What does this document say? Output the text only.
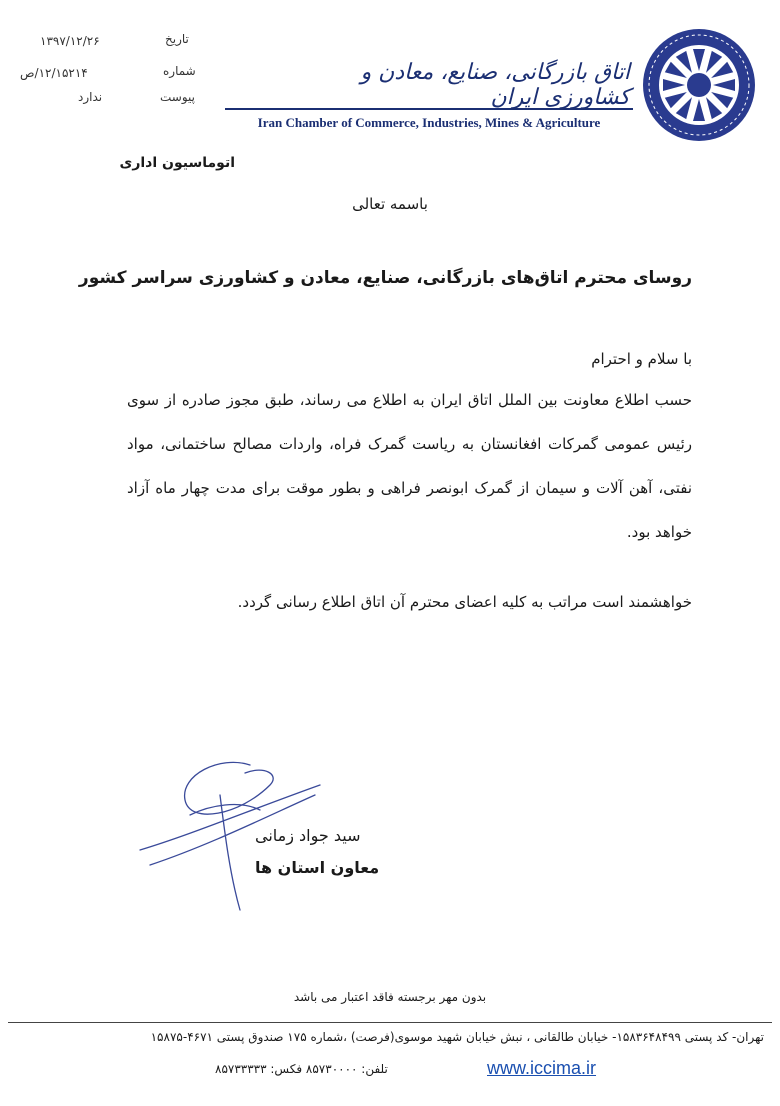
تاریخ
۱۳۹۷/۱۲/۲۶
شماره
۱۲/۱۵۲۱۴/ص
پیوست
ندارد
اتاق بازرگانی، صنایع، معادن و کشاورزی ایران
Iran Chamber of Commerce, Industries, Mines & Agriculture
اتوماسیون اداری
باسمه تعالی
روسای محترم اتاق‌های بازرگانی، صنایع، معادن و کشاورزی سراسر کشور
با سلام و احترام
حسب اطلاع معاونت بین الملل اتاق ایران به اطلاع می رساند، طبق مجوز صادره از سوی رئیس عمومی گمرکات افغانستان به ریاست گمرک فراه، واردات مصالح ساختمانی، مواد نفتی، آهن آلات و سیمان از گمرک ابونصر فراهی و بطور موقت برای مدت چهار ماه آزاد خواهد بود.
خواهشمند است مراتب به کلیه اعضای محترم آن اتاق اطلاع رسانی گردد.
سید جواد زمانی
معاون استان ها
بدون مهر برجسته فاقد اعتبار می باشد
تهران- کد پستی ۱۵۸۳۶۴۸۴۹۹- خیابان طالقانی ، نبش خیابان شهید موسوی(فرصت) ،شماره ۱۷۵ صندوق پستی ۴۶۷۱-۱۵۸۷۵
تلفن: ۸۵۷۳۰۰۰۰ فکس: ۸۵۷۳۳۳۳۳	www.iccima.ir
